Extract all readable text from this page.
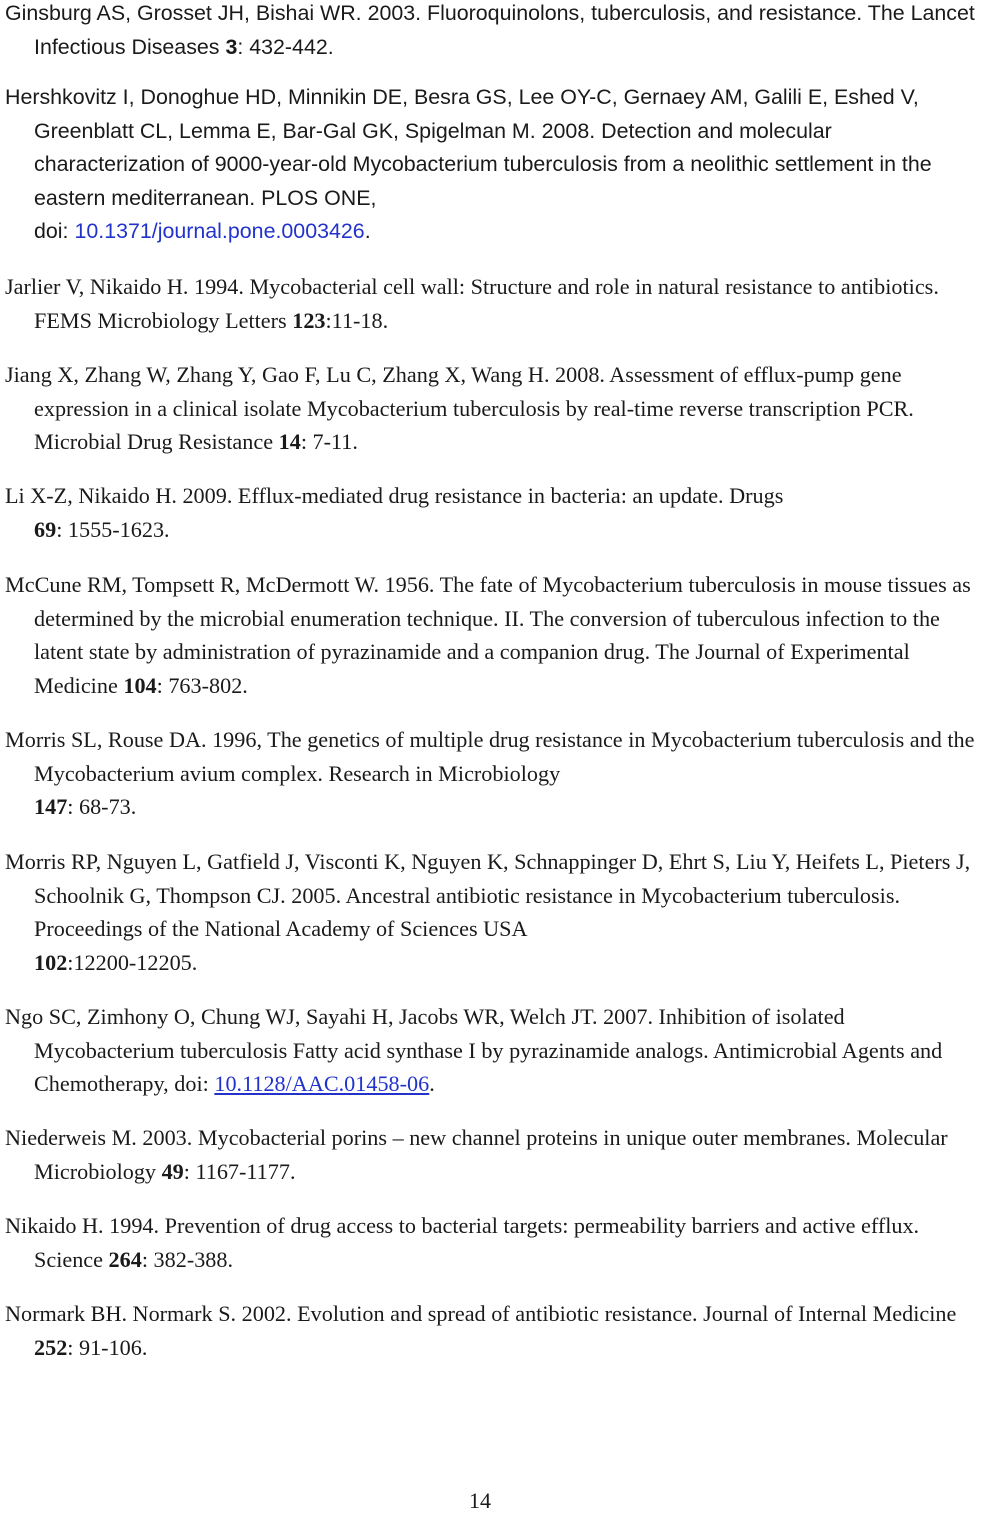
Ginsburg AS, Grosset JH, Bishai WR. 2003. Fluoroquinolons, tuberculosis, and resistance. The Lancet Infectious Diseases 3: 432-442.

Hershkovitz I, Donoghue HD, Minnikin DE, Besra GS, Lee OY-C, Gernaey AM, Galili E, Eshed V, Greenblatt CL, Lemma E, Bar-Gal GK, Spigelman M. 2008. Detection and molecular characterization of 9000-year-old Mycobacterium tuberculosis from a neolithic settlement in the eastern mediterranean. PLOS ONE,
doi: 10.1371/journal.pone.0003426.

Jarlier V, Nikaido H. 1994. Mycobacterial cell wall: Structure and role in natural resistance to antibiotics. FEMS Microbiology Letters 123:11-18.

Jiang X, Zhang W, Zhang Y, Gao F, Lu C, Zhang X, Wang H. 2008. Assessment of efflux-pump gene expression in a clinical isolate Mycobacterium tuberculosis by real-time reverse transcription PCR. Microbial Drug Resistance 14: 7-11.

Li X-Z, Nikaido H. 2009. Efflux-mediated drug resistance in bacteria: an update. Drugs
69: 1555-1623.

McCune RM, Tompsett R, McDermott W. 1956. The fate of Mycobacterium tuberculosis in mouse tissues as determined by the microbial enumeration technique. II. The conversion of tuberculous infection to the latent state by administration of pyrazinamide and a companion drug. The Journal of Experimental Medicine 104: 763-802.

Morris SL, Rouse DA. 1996, The genetics of multiple drug resistance in Mycobacterium tuberculosis and the Mycobacterium avium complex. Research in Microbiology
147: 68-73.

Morris RP, Nguyen L, Gatfield J, Visconti K, Nguyen K, Schnappinger D, Ehrt S, Liu Y, Heifets L, Pieters J, Schoolnik G, Thompson CJ. 2005. Ancestral antibiotic resistance in Mycobacterium tuberculosis. Proceedings of the National Academy of Sciences USA
102:12200-12205.

Ngo SC, Zimhony O, Chung WJ, Sayahi H, Jacobs WR, Welch JT. 2007. Inhibition of isolated Mycobacterium tuberculosis Fatty acid synthase I by pyrazinamide analogs. Antimicrobial Agents and Chemotherapy, doi: 10.1128/AAC.01458-06.

Niederweis M. 2003. Mycobacterial porins – new channel proteins in unique outer membranes. Molecular Microbiology 49: 1167-1177.

Nikaido H. 1994. Prevention of drug access to bacterial targets: permeability barriers and active efflux. Science 264: 382-388.

Normark BH. Normark S. 2002. Evolution and spread of antibiotic resistance. Journal of Internal Medicine 252: 91-106.

14
